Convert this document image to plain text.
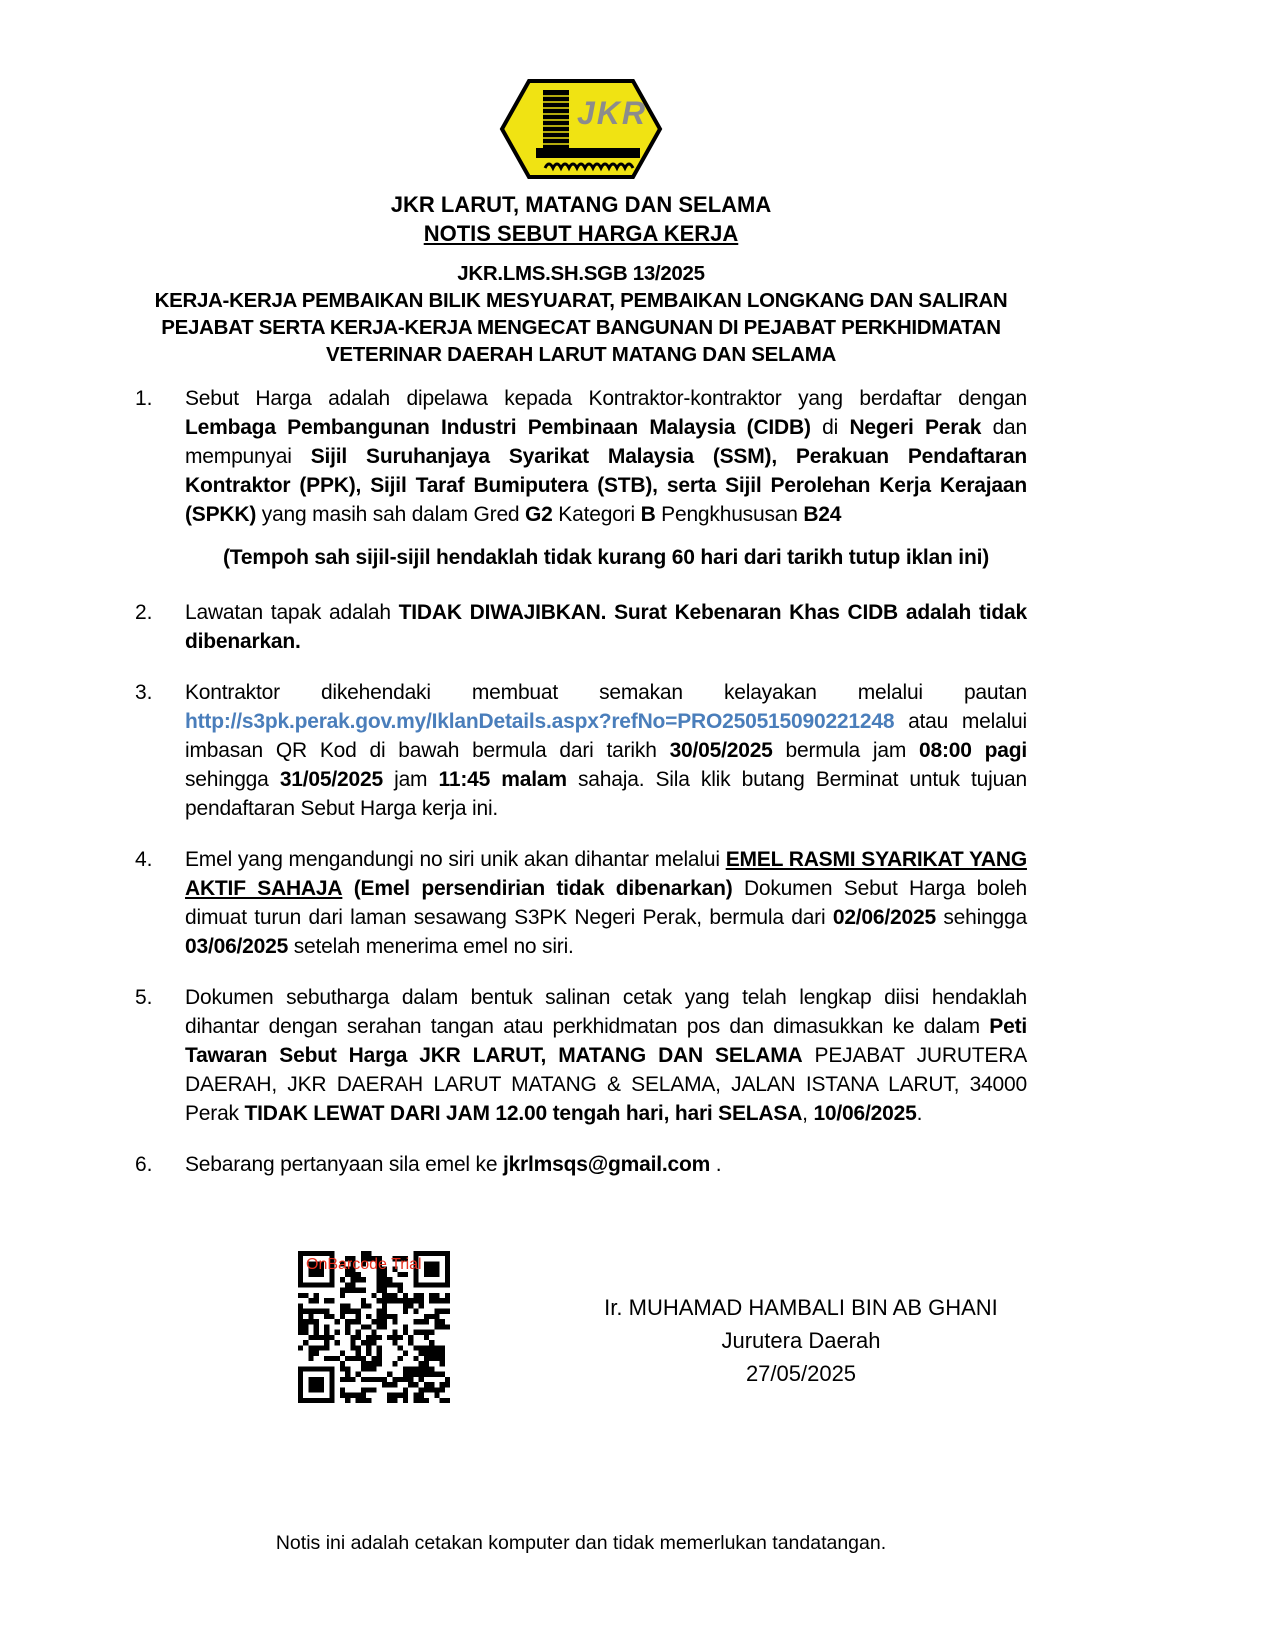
JKR
JKR LARUT, MATANG DAN SELAMA
NOTIS SEBUT HARGA KERJA
JKR.LMS.SH.SGB 13/2025
KERJA-KERJA PEMBAIKAN BILIK MESYUARAT, PEMBAIKAN LONGKANG DAN SALIRAN
PEJABAT SERTA KERJA-KERJA MENGECAT BANGUNAN DI PEJABAT PERKHIDMATAN
VETERINAR DAERAH LARUT MATANG DAN SELAMA
1.	Sebut Harga adalah dipelawa kepada Kontraktor-kontraktor yang berdaftar dengan Lembaga Pembangunan Industri Pembinaan Malaysia (CIDB) di Negeri Perak dan mempunyai Sijil Suruhanjaya Syarikat Malaysia (SSM), Perakuan Pendaftaran Kontraktor (PPK), Sijil Taraf Bumiputera (STB), serta Sijil Perolehan Kerja Kerajaan (SPKK) yang masih sah dalam Gred G2 Kategori B Pengkhususan B24
(Tempoh sah sijil-sijil hendaklah tidak kurang 60 hari dari tarikh tutup iklan ini)
2.	Lawatan tapak adalah TIDAK DIWAJIBKAN. Surat Kebenaran Khas CIDB adalah tidak dibenarkan.
3.	Kontraktor dikehendaki membuat semakan kelayakan melalui pautan http://s3pk.perak.gov.my/IklanDetails.aspx?refNo=PRO250515090221248 atau melalui imbasan QR Kod di bawah bermula dari tarikh 30/05/2025 bermula jam 08:00 pagi sehingga 31/05/2025 jam 11:45 malam sahaja. Sila klik butang Berminat untuk tujuan pendaftaran Sebut Harga kerja ini.
4.	Emel yang mengandungi no siri unik akan dihantar melalui EMEL RASMI SYARIKAT YANG AKTIF SAHAJA (Emel persendirian tidak dibenarkan) Dokumen Sebut Harga boleh dimuat turun dari laman sesawang S3PK Negeri Perak, bermula dari 02/06/2025 sehingga 03/06/2025 setelah menerima emel no siri.
5.	Dokumen sebutharga dalam bentuk salinan cetak yang telah lengkap diisi hendaklah dihantar dengan serahan tangan atau perkhidmatan pos dan dimasukkan ke dalam Peti Tawaran Sebut Harga JKR LARUT, MATANG DAN SELAMA PEJABAT JURUTERA DAERAH, JKR DAERAH LARUT MATANG & SELAMA, JALAN ISTANA LARUT, 34000 Perak TIDAK LEWAT DARI JAM 12.00 tengah hari, hari SELASA, 10/06/2025.
6.	Sebarang pertanyaan sila emel ke jkrlmsqs@gmail.com .
OnBarcode Trial
Ir. MUHAMAD HAMBALI BIN AB GHANI
Jurutera Daerah
27/05/2025
Notis ini adalah cetakan komputer dan tidak memerlukan tandatangan.
